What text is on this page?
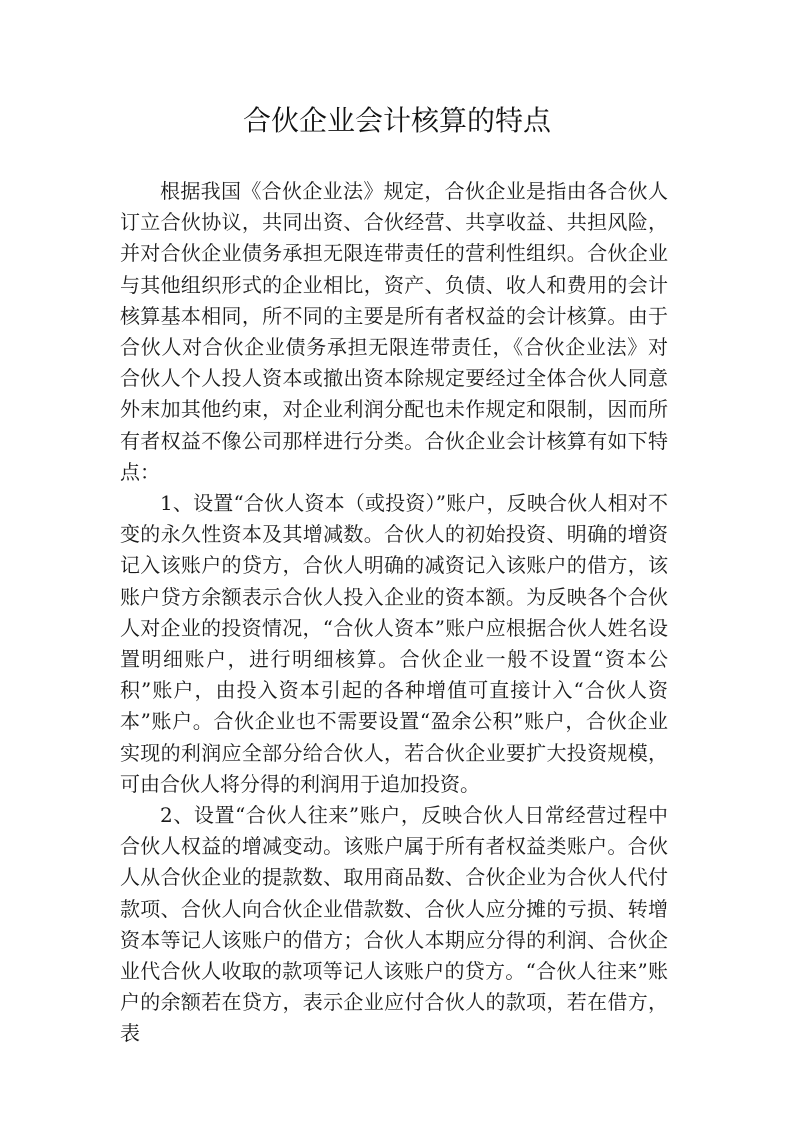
合伙企业会计核算的特点

根据我国《合伙企业法》规定，合伙企业是指由各合伙人订立合伙协议，共同出资、合伙经营、共享收益、共担风险，并对合伙企业债务承担无限连带责任的营利性组织。合伙企业与其他组织形式的企业相比，资产、负债、收人和费用的会计核算基本相同，所不同的主要是所有者权益的会计核算。由于合伙人对合伙企业债务承担无限连带责任，《合伙企业法》对合伙人个人投人资本或撤出资本除规定要经过全体合伙人同意外末加其他约束，对企业利润分配也未作规定和限制，因而所有者权益不像公司那样进行分类。合伙企业会计核算有如下特点：

1、设置“合伙人资本（或投资）”账户，反映合伙人相对不变的永久性资本及其增减数。合伙人的初始投资、明确的增资记入该账户的贷方，合伙人明确的减资记入该账户的借方，该账户贷方余额表示合伙人投入企业的资本额。为反映各个合伙人对企业的投资情况，“合伙人资本”账户应根据合伙人姓名设置明细账户，进行明细核算。合伙企业一般不设置“资本公积”账户，由投入资本引起的各种增值可直接计入“合伙人资本”账户。合伙企业也不需要设置“盈余公积”账户，合伙企业实现的利润应全部分给合伙人，若合伙企业要扩大投资规模，可由合伙人将分得的利润用于追加投资。

2、设置“合伙人往来”账户，反映合伙人日常经营过程中合伙人权益的增减变动。该账户属于所有者权益类账户。合伙人从合伙企业的提款数、取用商品数、合伙企业为合伙人代付款项、合伙人向合伙企业借款数、合伙人应分摊的亏损、转增资本等记人该账户的借方；合伙人本期应分得的利润、合伙企业代合伙人收取的款项等记人该账户的贷方。“合伙人往来”账户的余额若在贷方，表示企业应付合伙人的款项，若在借方，表
